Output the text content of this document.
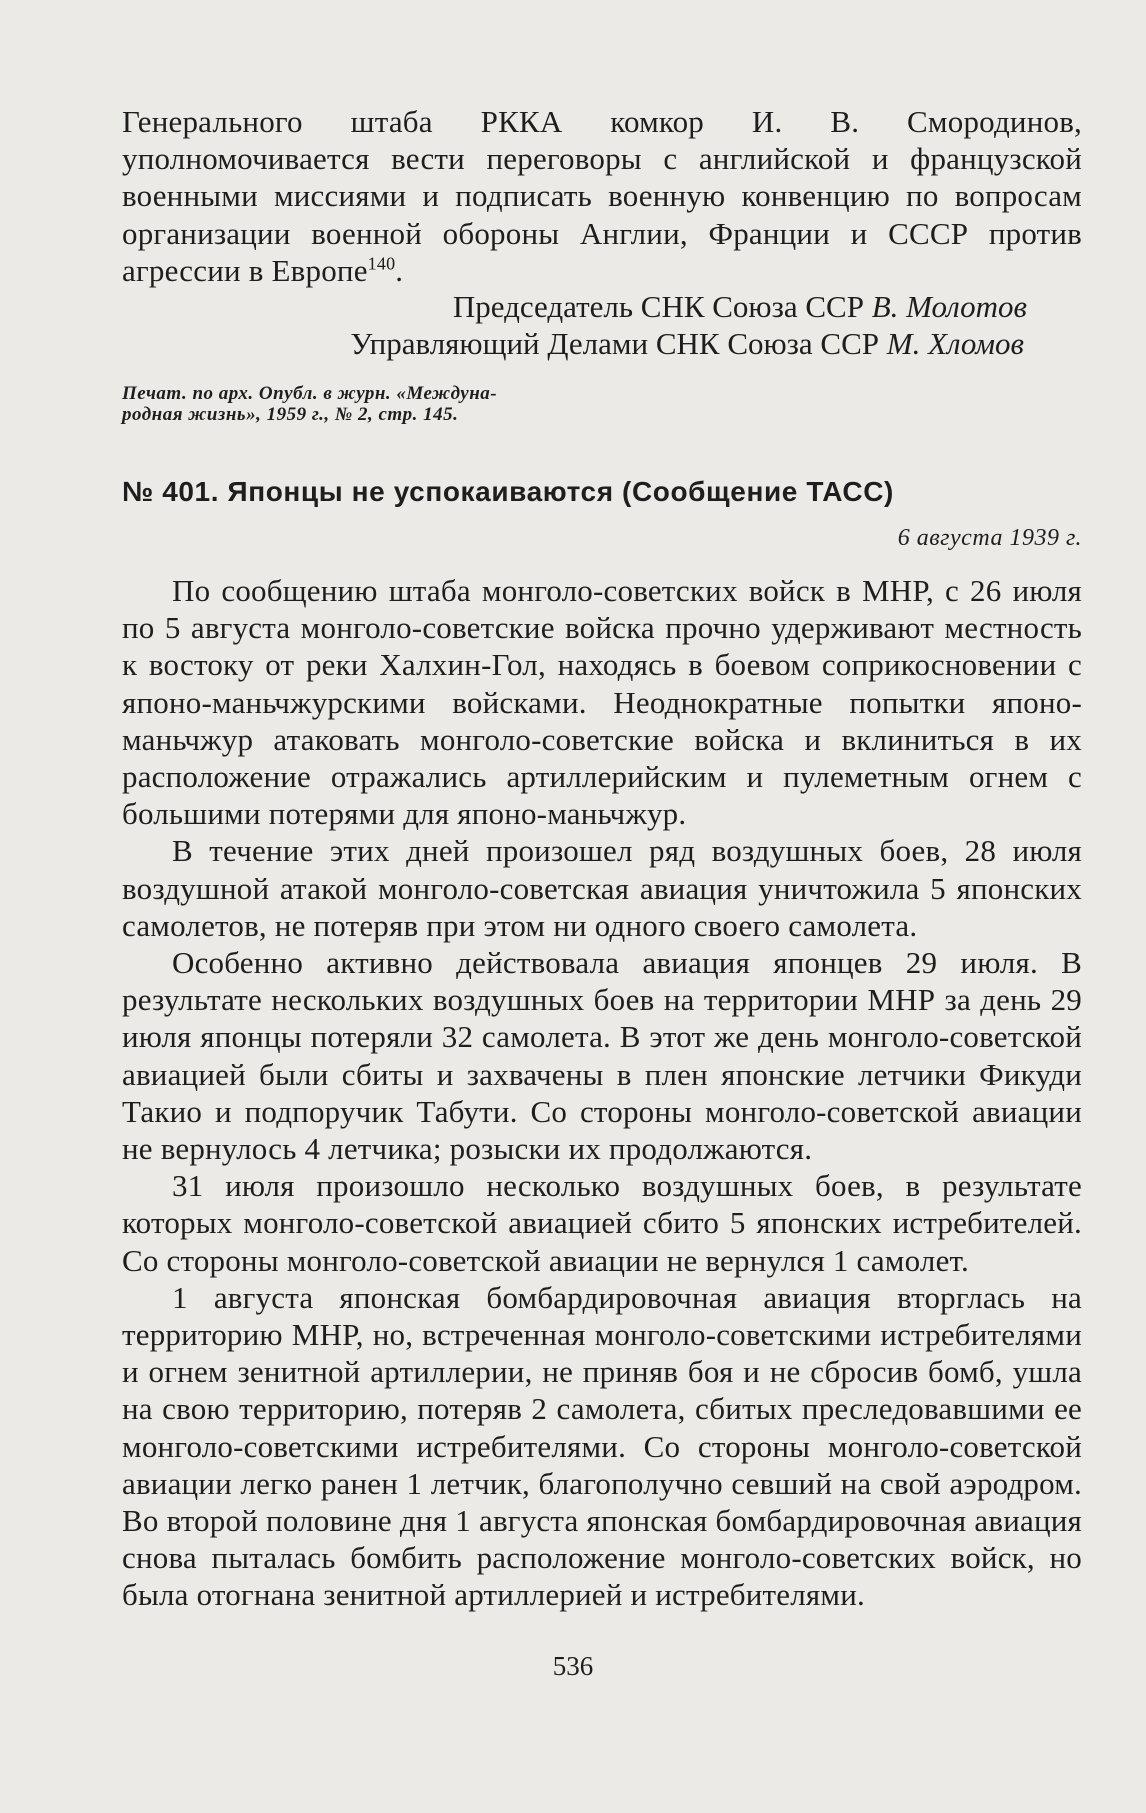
Генерального штаба РККА комкор И. В. Смородинов, уполномочивается вести переговоры с английской и французской военными миссиями и подписать военную конвенцию по вопросам организации военной обороны Англии, Франции и СССР против агрессии в Европе$^{140}$.

Председатель СНК Союза ССР В. Молотов

Управляющий Делами СНК Союза ССР М. Хломов

Печат. по арх. Опубл. в журн. «Междуна-

родная жизнь», 1959 г., № 2, стр. 145.

№ 401. Японцы не успокаиваются (Сообщение ТАСС)

6 августа 1939 г.

По сообщению штаба монголо-советских войск в МНР, с 26 июля по 5 августа монголо-советские войска прочно удерживают местность к востоку от реки Халхин-Гол, находясь в боевом соприкосновении с японо-маньчжурскими войсками. Неоднократные попытки японо-маньчжур атаковать монголо-советские войска и вклиниться в их расположение отражались артиллерийским и пулеметным огнем с большими потерями для японо-маньчжур.

В течение этих дней произошел ряд воздушных боев, 28 июля воздушной атакой монголо-советская авиация уничтожила 5 японских самолетов, не потеряв при этом ни одного своего самолета.

Особенно активно действовала авиация японцев 29 июля. В результате нескольких воздушных боев на территории МНР за день 29 июля японцы потеряли 32 самолета. В этот же день монголо-советской авиацией были сбиты и захвачены в плен японские летчики Фикуди Такио и подпоручик Табути. Со стороны монголо-советской авиации не вернулось 4 летчика; розыски их продолжаются.

31 июля произошло несколько воздушных боев, в результате которых монголо-советской авиацией сбито 5 японских истребителей. Со стороны монголо-советской авиации не вернулся 1 самолет.

1 августа японская бомбардировочная авиация вторглась на территорию МНР, но, встреченная монголо-советскими истребителями и огнем зенитной артиллерии, не приняв боя и не сбросив бомб, ушла на свою территорию, потеряв 2 самолета, сбитых преследовавшими ее монголо-советскими истребителями. Со стороны монголо-советской авиации легко ранен 1 летчик, благополучно севший на свой аэродром. Во второй половине дня 1 августа японская бомбардировочная авиация снова пыталась бомбить расположение монголо-советских войск, но была отогнана зенитной артиллерией и истребителями.

536
